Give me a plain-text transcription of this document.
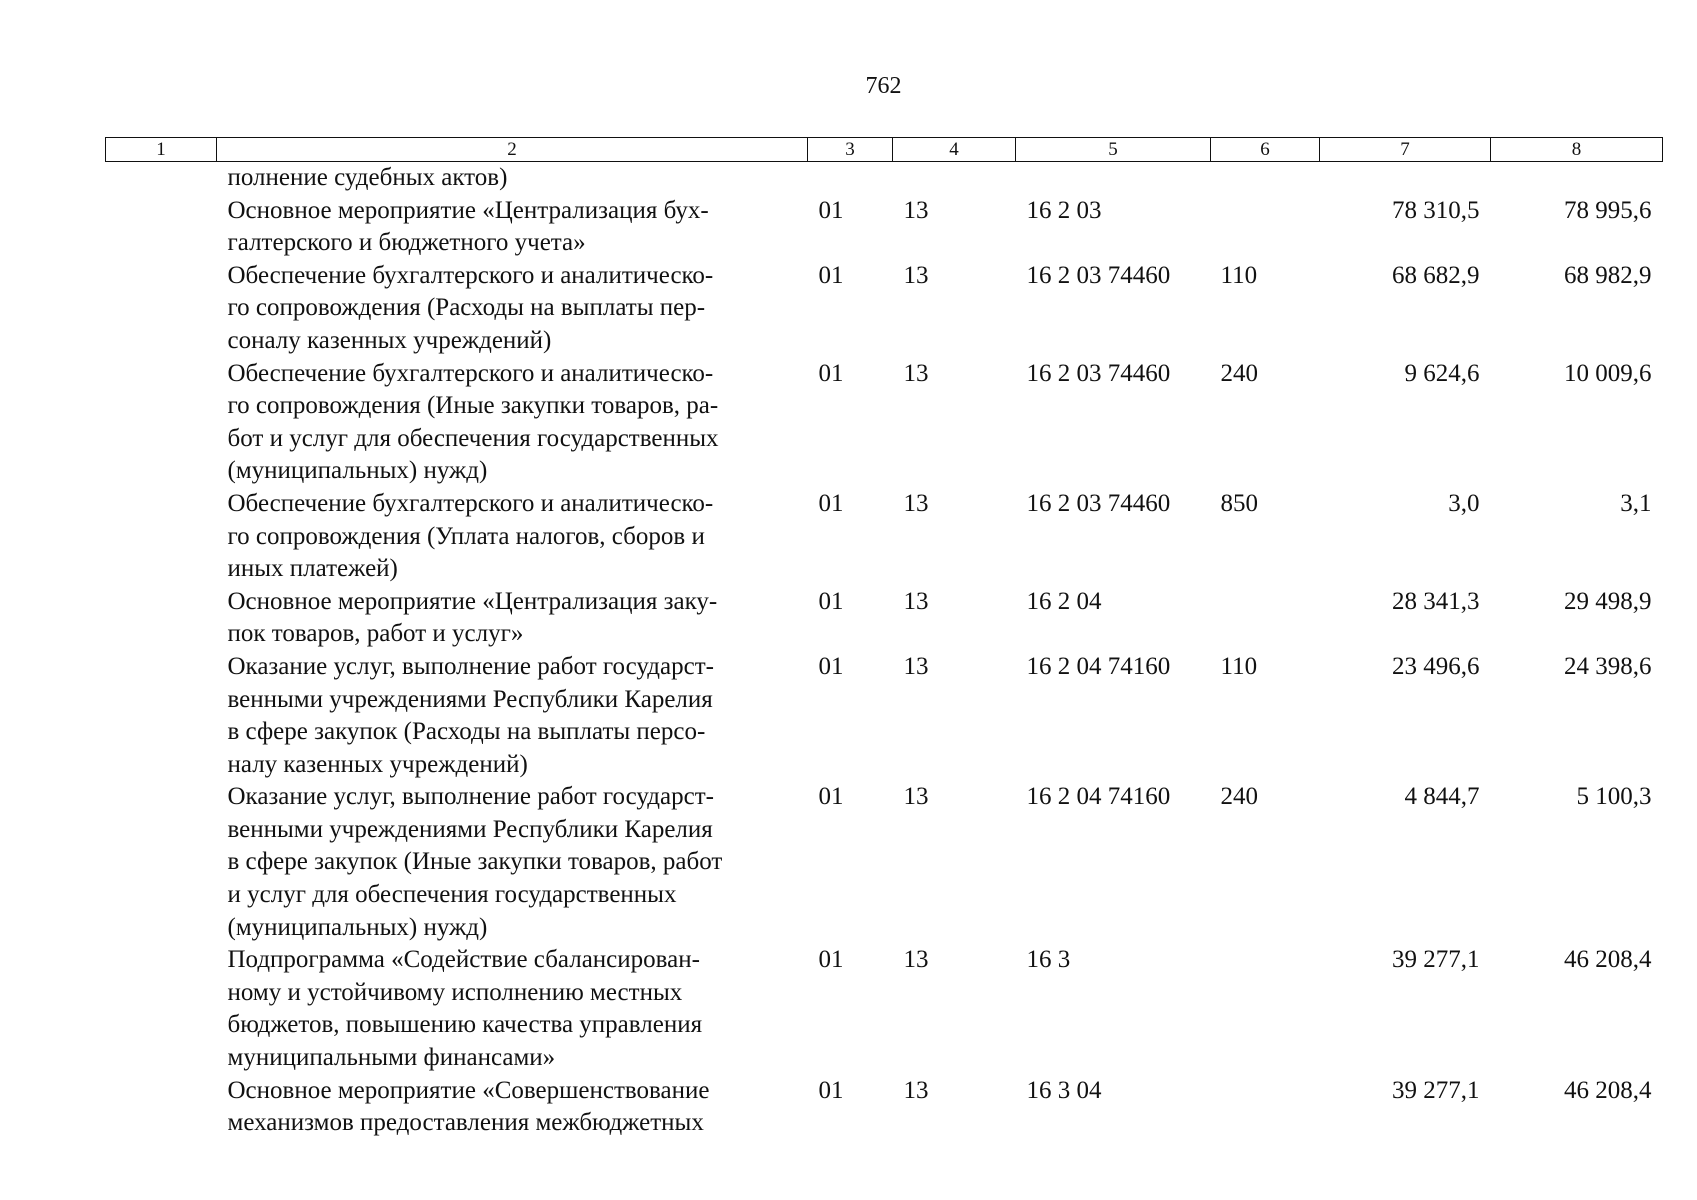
762
1	2	3	4	5	6	7	8

	полнение судебных актов)						

	Основное мероприятие «Централизация бух-
галтерского и бюджетного учета»	01	13	16 2 03		78 310,5	78 995,6

	Обеспечение бухгалтерского и аналитическо-
го сопровождения (Расходы на выплаты пер-
соналу казенных учреждений)	01	13	16 2 03 74460	110	68 682,9	68 982,9

	Обеспечение бухгалтерского и аналитическо-
го сопровождения (Иные закупки товаров, ра-
бот и услуг для обеспечения государственных
(муниципальных) нужд)	01	13	16 2 03 74460	240	9 624,6	10 009,6

	Обеспечение бухгалтерского и аналитическо-
го сопровождения (Уплата налогов, сборов и
иных платежей)	01	13	16 2 03 74460	850	3,0	3,1

	Основное мероприятие «Централизация заку-
пок товаров, работ и услуг»	01	13	16 2 04		28 341,3	29 498,9

	Оказание услуг, выполнение работ государст-
венными учреждениями Республики Карелия
в сфере закупок (Расходы на выплаты персо-
налу казенных учреждений)	01	13	16 2 04 74160	110	23 496,6	24 398,6

	Оказание услуг, выполнение работ государст-
венными учреждениями Республики Карелия
в сфере закупок (Иные закупки товаров, работ
и услуг для обеспечения государственных
(муниципальных) нужд)	01	13	16 2 04 74160	240	4 844,7	5 100,3

	Подпрограмма «Содействие сбалансирован-
ному и устойчивому исполнению местных
бюджетов, повышению качества управления
муниципальными финансами»	01	13	16 3		39 277,1	46 208,4

	Основное мероприятие «Совершенствование
механизмов предоставления межбюджетных	01	13	16 3 04		39 277,1	46 208,4
